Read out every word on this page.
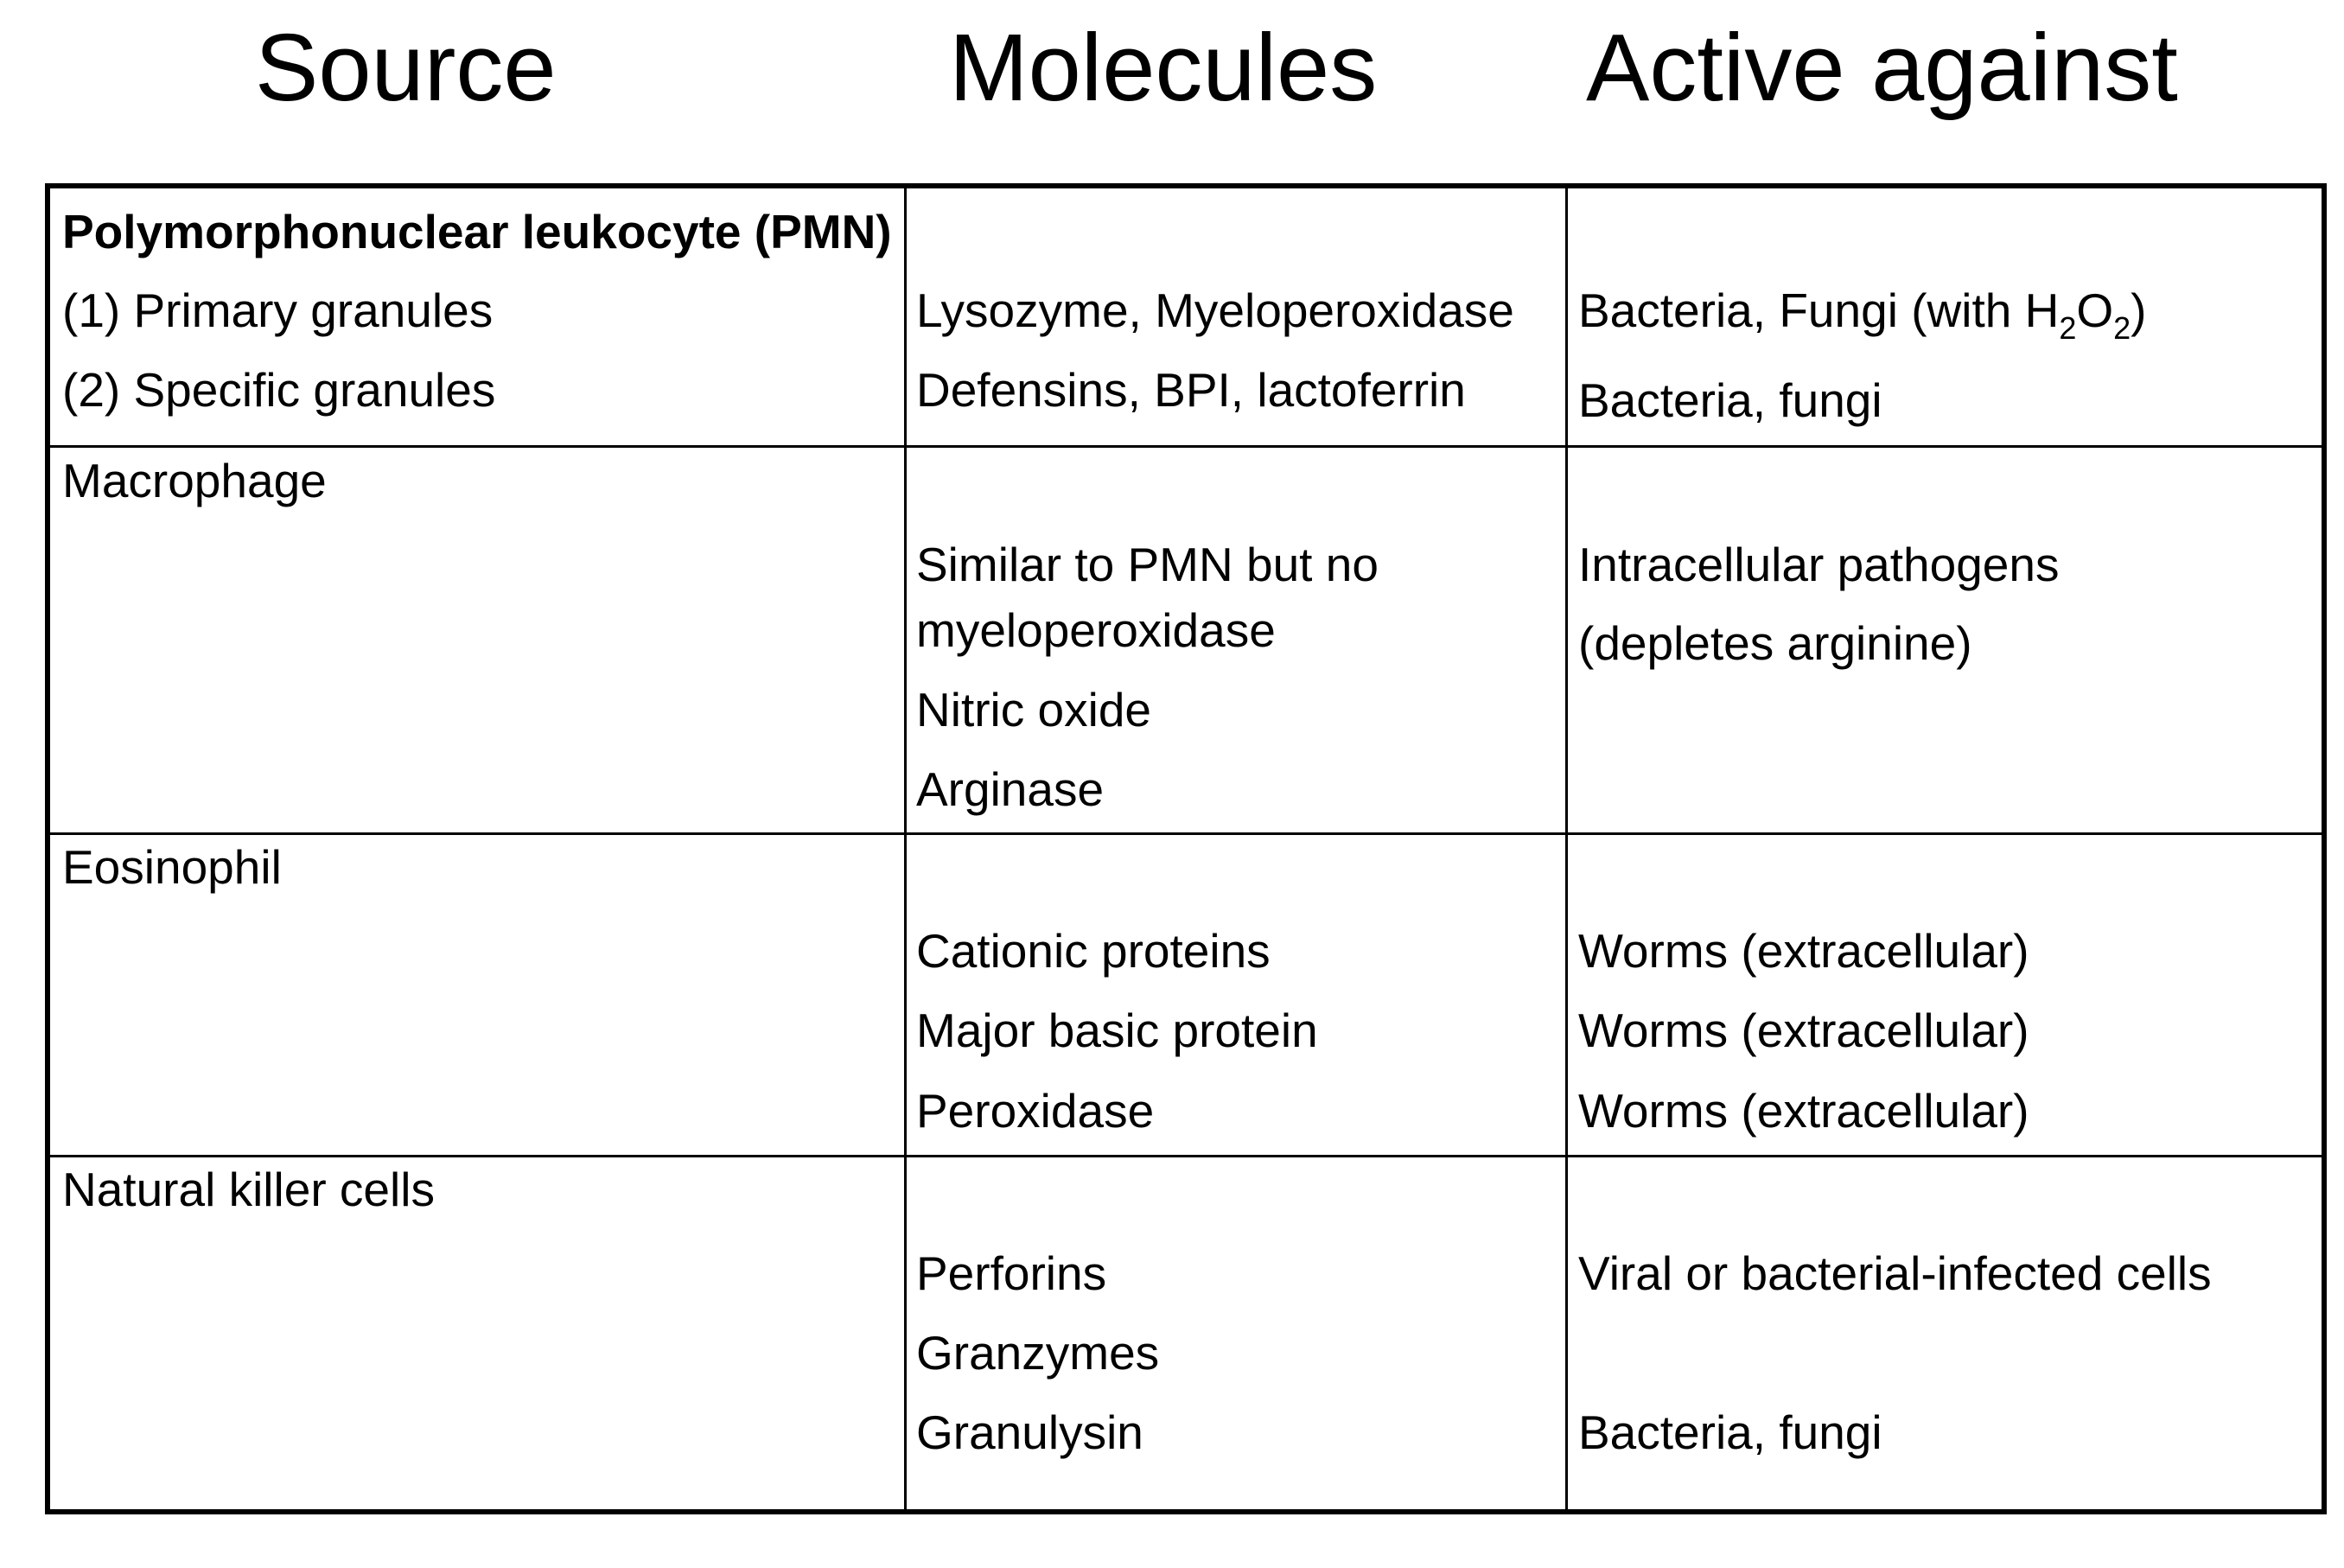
Source	Molecules Active against
Polymorphonuclear leukocyte (PMN)
(1) Primary granules
(2) Specific granules
Lysozyme, Myeloperoxidase
Defensins, BPI, lactoferrin
Bacteria, Fungi (with $H_2O_2$)
Bacteria, fungi
Macrophage
Similar to PMN but no
myeloperoxidase
Nitric oxide
Arginase
Intracellular pathogens
(depletes arginine)
Eosinophil
Cationic proteins
Major basic protein
Peroxidase
Worms (extracellular)
Worms (extracellular)
Worms (extracellular)
Natural killer cells
Perforins
Granzymes
Granulysin
Viral or bacterial-infected cells
Bacteria, fungi
